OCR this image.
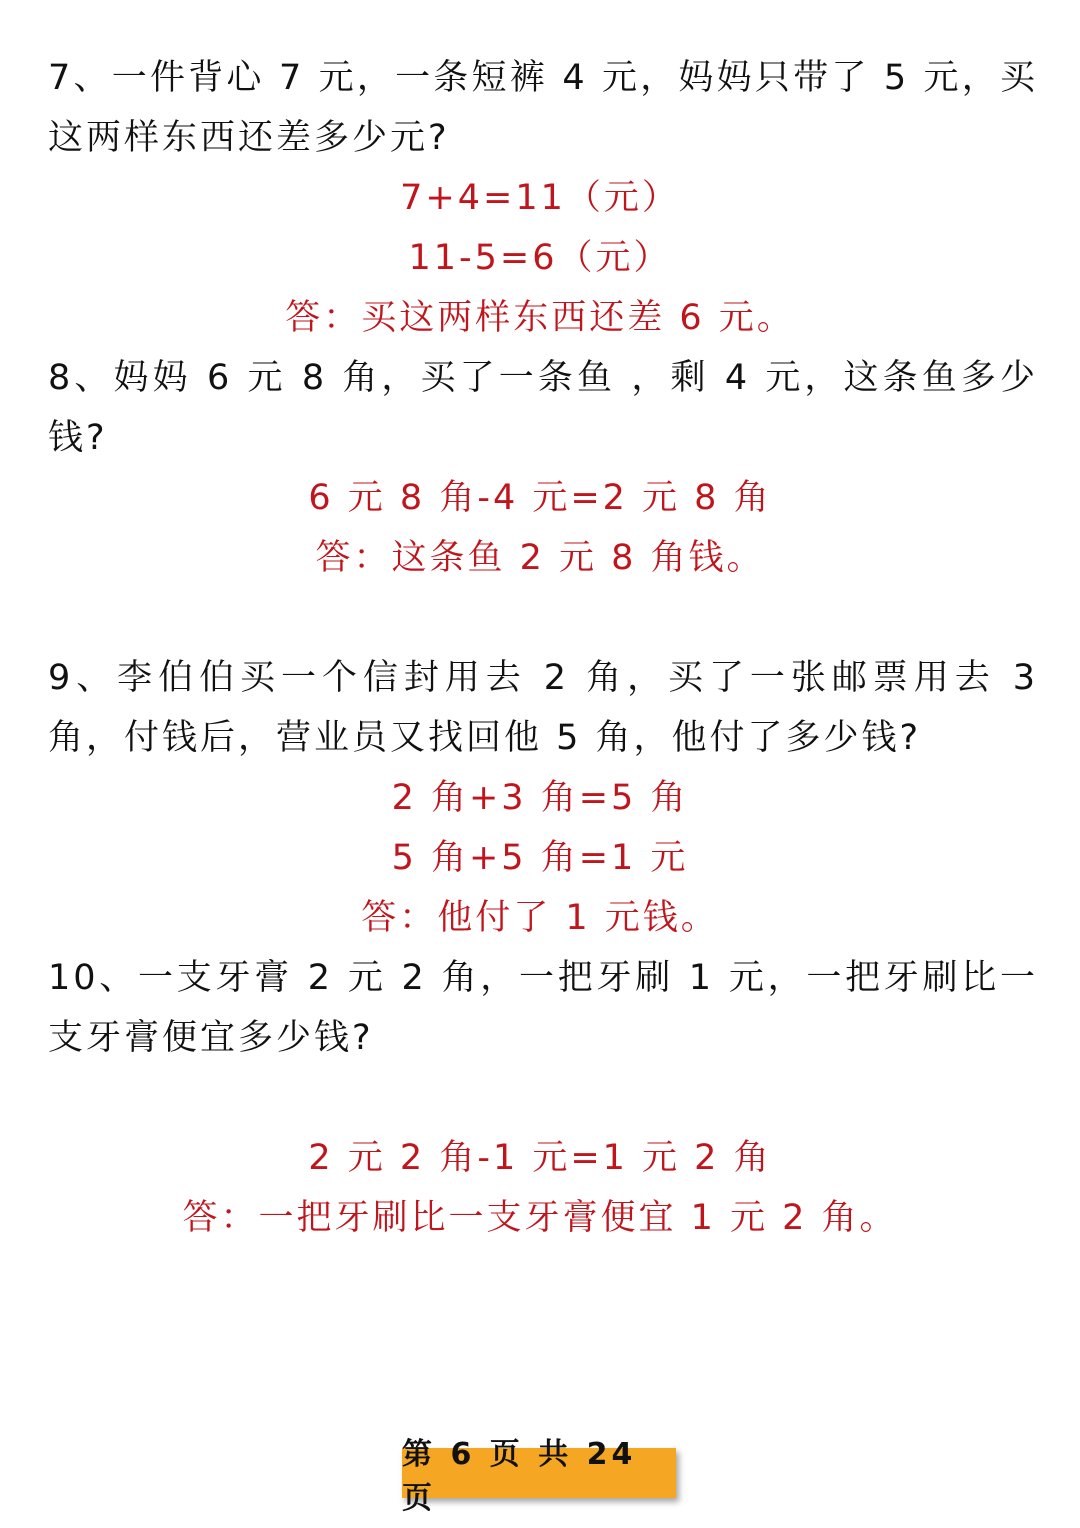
7、一件背心 7 元，一条短裤 4 元，妈妈只带了 5 元，买这两样东西还差多少元?

7+4=11（元）

11-5=6（元）

答：买这两样东西还差 6 元。

8、妈妈 6 元 8 角，买了一条鱼 ，剩 4 元，这条鱼多少钱?

6 元 8 角-4 元=2 元 8 角

答：这条鱼 2 元 8 角钱。

9、李伯伯买一个信封用去 2 角，买了一张邮票用去 3 角，付钱后，营业员又找回他 5 角，他付了多少钱?

2 角+3 角=5 角

5 角+5 角=1 元

答：他付了 1 元钱。

10、一支牙膏 2 元 2 角，一把牙刷 1 元，一把牙刷比一支牙膏便宜多少钱?

2 元 2 角-1 元=1 元 2 角

答：一把牙刷比一支牙膏便宜 1 元 2 角。

第 6 页 共 24 页
